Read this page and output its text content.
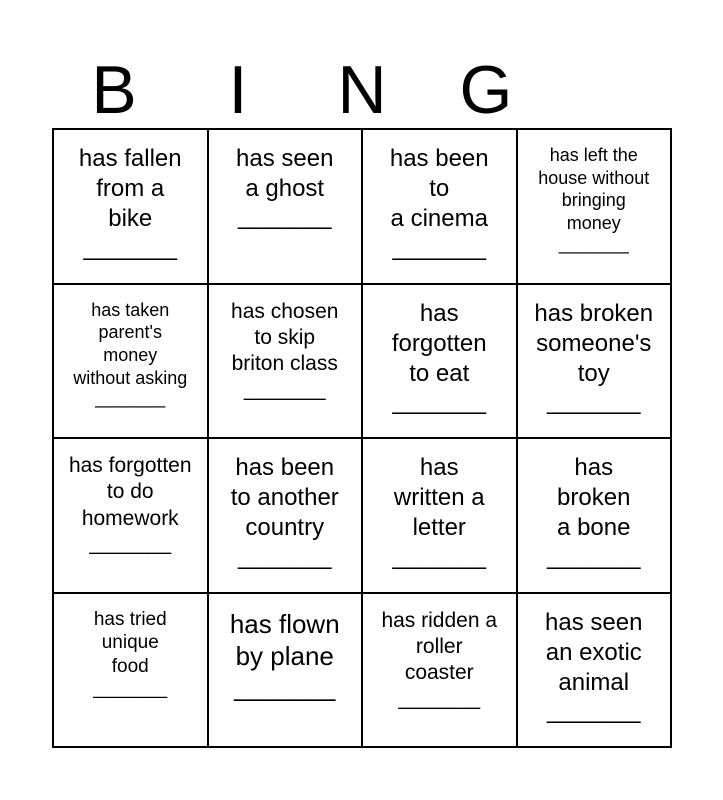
B	I	N	G
has fallen
from a
bike
_______
has seen
a ghost
_______
has been
to
a cinema
_______
has left the
house without
bringing
money
_______
has taken
parent's
money
without asking
_______
has chosen
to skip
briton class
_______
has
forgotten
to eat
_______
has broken
someone's
toy
_______
has forgotten
to do
homework
_______
has been
to another
country
_______
has
written a
letter
_______
has
broken
a bone
_______
has tried
unique
food
_______
has flown
by plane
_______
has ridden a
roller
coaster
_______
has seen
an exotic
animal
_______
